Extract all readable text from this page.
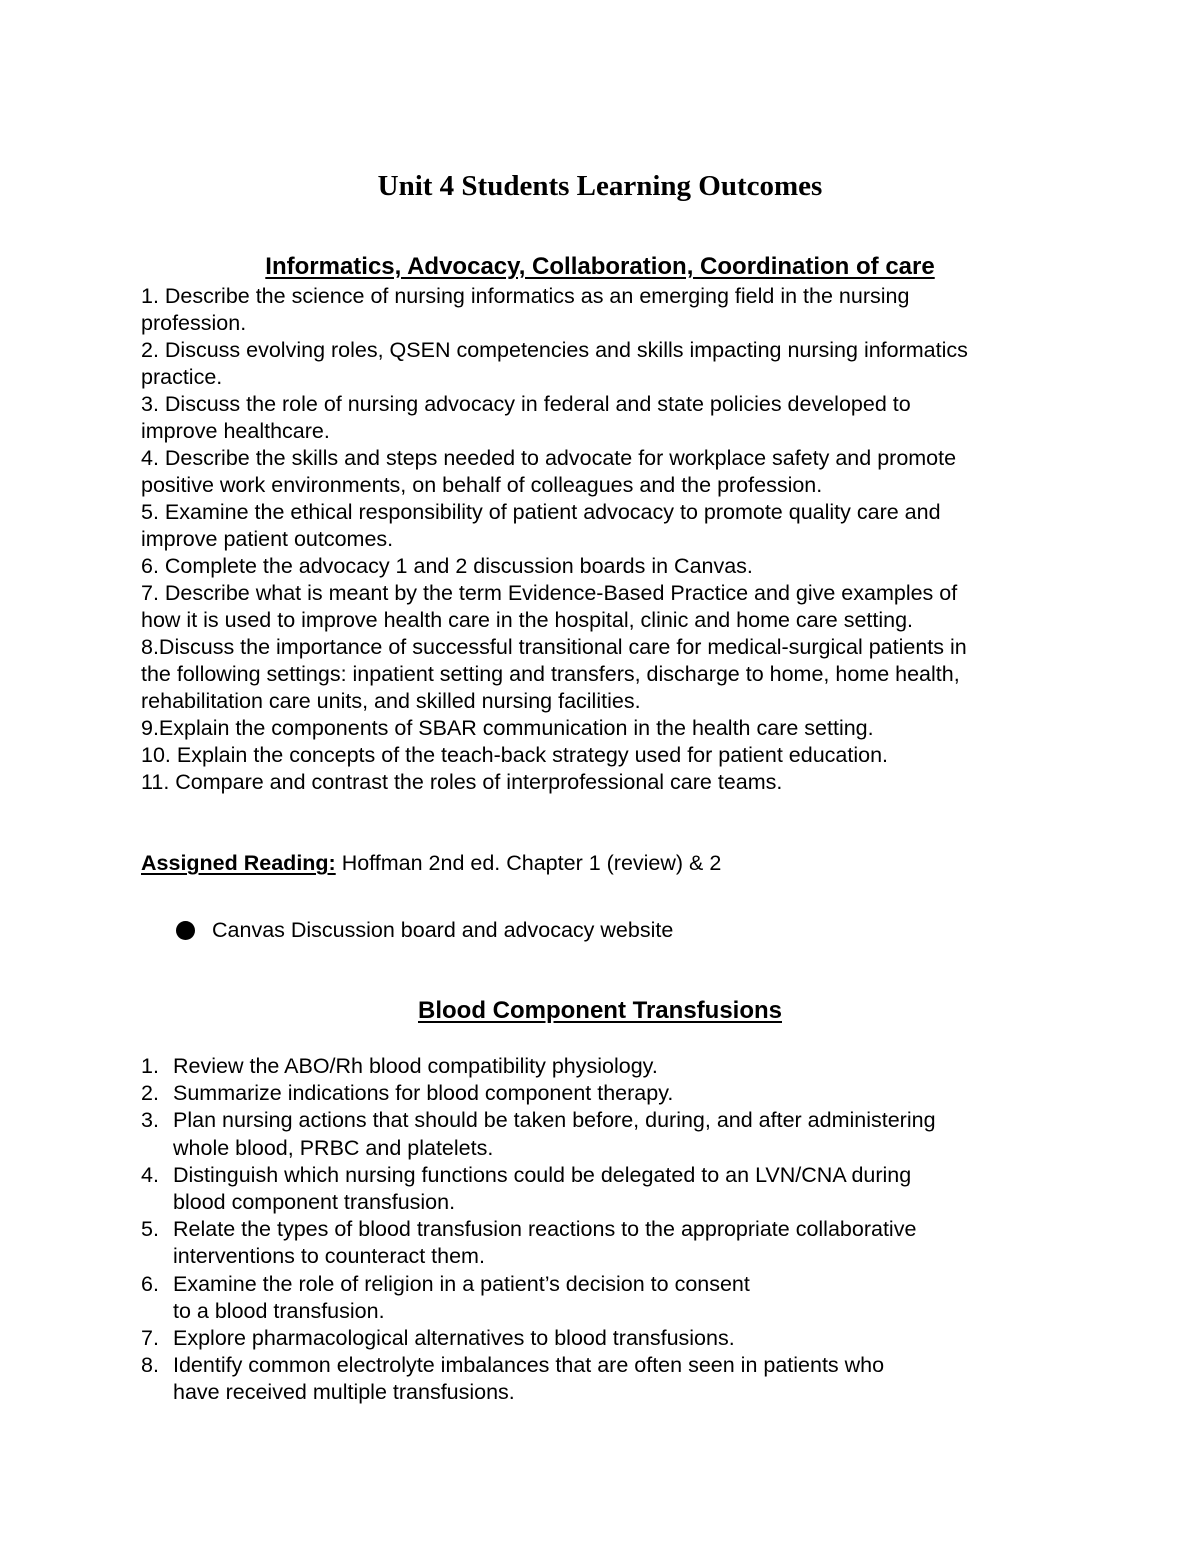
Unit 4 Students Learning Outcomes
Informatics, Advocacy, Collaboration, Coordination of care
1. Describe the science of nursing informatics as an emerging field in the nursing
profession.
2. Discuss evolving roles, QSEN competencies and skills impacting nursing informatics
practice.
3. Discuss the role of nursing advocacy in federal and state policies developed to
improve healthcare.
4. Describe the skills and steps needed to advocate for workplace safety and promote
positive work environments, on behalf of colleagues and the profession.
5. Examine the ethical responsibility of patient advocacy to promote quality care and
improve patient outcomes.
6. Complete the advocacy 1 and 2 discussion boards in Canvas.
7. Describe what is meant by the term Evidence-Based Practice and give examples of
how it is used to improve health care in the hospital, clinic and home care setting.
8.Discuss the importance of successful transitional care for medical-surgical patients in
the following settings: inpatient setting and transfers, discharge to home, home health,
rehabilitation care units, and skilled nursing facilities.
9.Explain the components of SBAR communication in the health care setting.
10. Explain the concepts of the teach-back strategy used for patient education.
11. Compare and contrast the roles of interprofessional care teams.
Assigned Reading: Hoffman 2nd ed. Chapter 1 (review) & 2
Canvas Discussion board and advocacy website
Blood Component Transfusions
1. Review the ABO/Rh blood compatibility physiology.
2. Summarize indications for blood component therapy.
3. Plan nursing actions that should be taken before, during, and after administering
whole blood, PRBC and platelets.
4. Distinguish which nursing functions could be delegated to an LVN/CNA during
blood component transfusion.
5. Relate the types of blood transfusion reactions to the appropriate collaborative
interventions to counteract them.
6. Examine the role of religion in a patient’s decision to consent
to a blood transfusion.
7. Explore pharmacological alternatives to blood transfusions.
8. Identify common electrolyte imbalances that are often seen in patients who
have received multiple transfusions.
